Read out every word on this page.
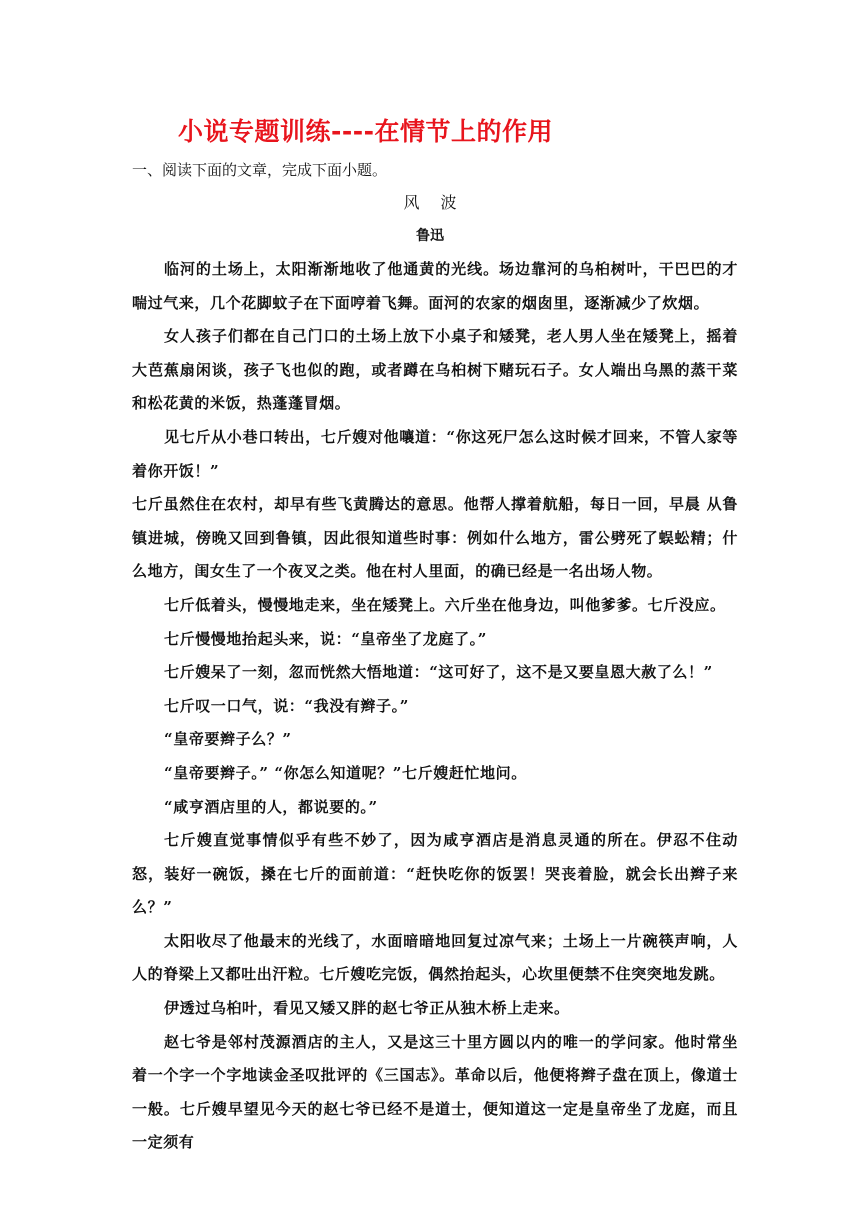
小说专题训练----在情节上的作用
一、阅读下面的文章，完成下面小题。
风 波
鲁迅

临河的土场上，太阳渐渐地收了他通黄的光线。场边靠河的乌桕树叶，干巴巴的才喘过气来，几个花脚蚊子在下面哼着飞舞。面河的农家的烟囱里，逐渐减少了炊烟。

女人孩子们都在自己门口的土场上放下小桌子和矮凳，老人男人坐在矮凳上，摇着大芭蕉扇闲谈，孩子飞也似的跑，或者蹲在乌桕树下赌玩石子。女人端出乌黑的蒸干菜和松花黄的米饭，热蓬蓬冒烟。

见七斤从小巷口转出，七斤嫂对他嚷道：“你这死尸怎么这时候才回来，不管人家等着你开饭！”

七斤虽然住在农村，却早有些飞黄腾达的意思。他帮人撑着航船，每日一回，早晨 从鲁镇进城，傍晚又回到鲁镇，因此很知道些时事：例如什么地方，雷公劈死了蜈蚣精；什么地方，闺女生了一个夜叉之类。他在村人里面，的确已经是一名出场人物。

七斤低着头，慢慢地走来，坐在矮凳上。六斤坐在他身边，叫他爹爹。七斤没应。

七斤慢慢地抬起头来，说：“皇帝坐了龙庭了。”

七斤嫂呆了一刻，忽而恍然大悟地道：“这可好了，这不是又要皇恩大赦了么！”

七斤叹一口气，说：“我没有辫子。”

“皇帝要辫子么？”

“皇帝要辫子。” “你怎么知道呢？”七斤嫂赶忙地问。

“咸亨酒店里的人，都说要的。”

七斤嫂直觉事情似乎有些不妙了，因为咸亨酒店是消息灵通的所在。伊忍不住动怒，装好一碗饭，搡在七斤的面前道：“赶快吃你的饭罢！哭丧着脸，就会长出辫子来么？”

太阳收尽了他最末的光线了，水面暗暗地回复过凉气来；土场上一片碗筷声响，人人的脊梁上又都吐出汗粒。七斤嫂吃完饭，偶然抬起头，心坎里便禁不住突突地发跳。

伊透过乌桕叶，看见又矮又胖的赵七爷正从独木桥上走来。

赵七爷是邻村茂源酒店的主人，又是这三十里方圆以内的唯一的学问家。他时常坐着一个字一个字地读金圣叹批评的《三国志》。革命以后，他便将辫子盘在顶上，像道士一般。七斤嫂早望见今天的赵七爷已经不是道士，便知道这一定是皇帝坐了龙庭，而且一定须有
